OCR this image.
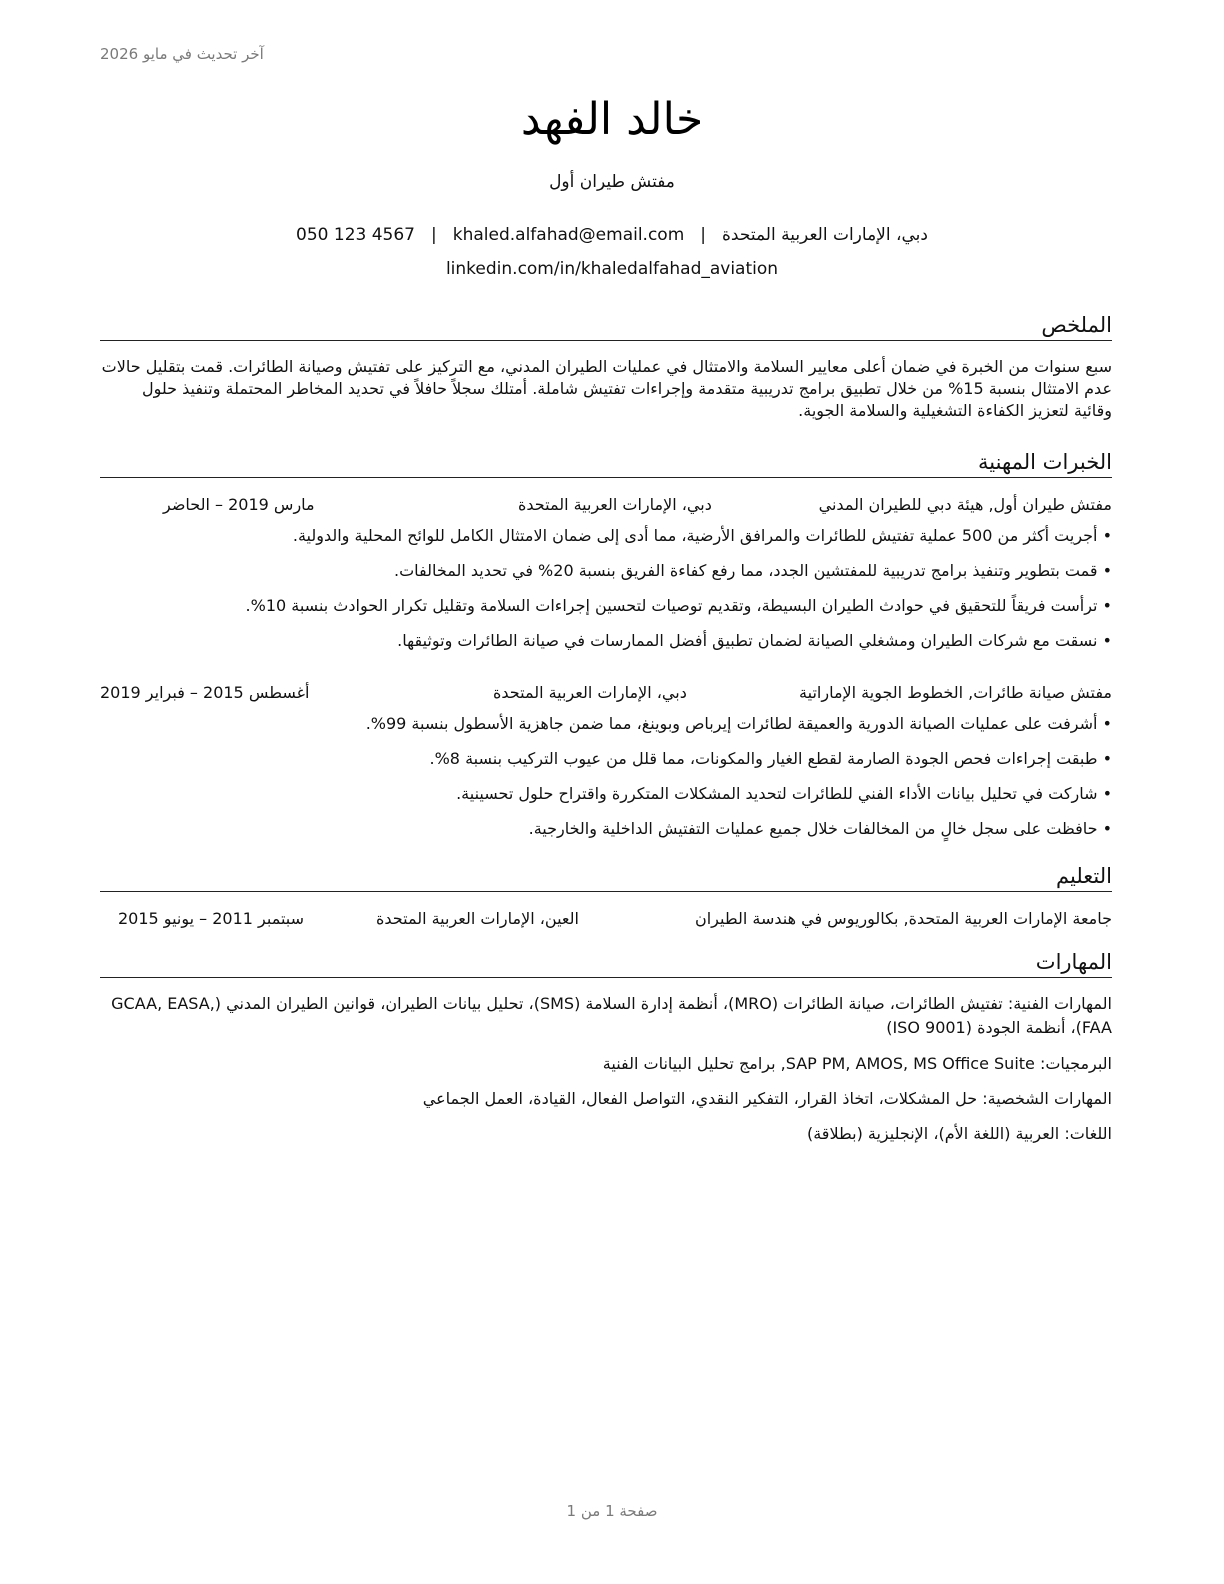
آخر تحديث في مايو 2026
خالد الفهد
مفتش طيران أول
دبي، الإمارات العربية المتحدة|khaled.alfahad@email.com|050 123 4567
linkedin.com/in/khaledalfahad_aviation
الملخص
سبع سنوات من الخبرة في ضمان أعلى معايير السلامة والامتثال في عمليات الطيران المدني، مع التركيز على تفتيش وصيانة الطائرات. قمت بتقليل حالات عدم الامتثال بنسبة 15% من خلال تطبيق برامج تدريبية متقدمة وإجراءات تفتيش شاملة. أمتلك سجلاً حافلاً في تحديد المخاطر المحتملة وتنفيذ حلول وقائية لتعزيز الكفاءة التشغيلية والسلامة الجوية.
الخبرات المهنية
مفتش طيران أول, هيئة دبي للطيران المدني
دبي، الإمارات العربية المتحدة
مارس 2019 – الحاضر
• أجريت أكثر من 500 عملية تفتيش للطائرات والمرافق الأرضية، مما أدى إلى ضمان الامتثال الكامل للوائح المحلية والدولية.
• قمت بتطوير وتنفيذ برامج تدريبية للمفتشين الجدد، مما رفع كفاءة الفريق بنسبة 20% في تحديد المخالفات.
• ترأست فريقاً للتحقيق في حوادث الطيران البسيطة، وتقديم توصيات لتحسين إجراءات السلامة وتقليل تكرار الحوادث بنسبة 10%.
• نسقت مع شركات الطيران ومشغلي الصيانة لضمان تطبيق أفضل الممارسات في صيانة الطائرات وتوثيقها.
مفتش صيانة طائرات, الخطوط الجوية الإماراتية
دبي، الإمارات العربية المتحدة
أغسطس 2015 – فبراير 2019
• أشرفت على عمليات الصيانة الدورية والعميقة لطائرات إيرباص وبوينغ، مما ضمن جاهزية الأسطول بنسبة 99%.
• طبقت إجراءات فحص الجودة الصارمة لقطع الغيار والمكونات، مما قلل من عيوب التركيب بنسبة 8%.
• شاركت في تحليل بيانات الأداء الفني للطائرات لتحديد المشكلات المتكررة واقتراح حلول تحسينية.
• حافظت على سجل خالٍ من المخالفات خلال جميع عمليات التفتيش الداخلية والخارجية.
التعليم
جامعة الإمارات العربية المتحدة, بكالوريوس في هندسة الطيران
العين، الإمارات العربية المتحدة
سبتمبر 2011 – يونيو 2015
المهارات
المهارات الفنية: تفتيش الطائرات، صيانة الطائرات (MRO)، أنظمة إدارة السلامة (SMS)، تحليل بيانات الطيران، قوانين الطيران المدني (GCAA, EASA, FAA)، أنظمة الجودة (ISO 9001)
البرمجيات: SAP PM, AMOS, MS Office Suite, برامج تحليل البيانات الفنية
المهارات الشخصية: حل المشكلات، اتخاذ القرار، التفكير النقدي، التواصل الفعال، القيادة، العمل الجماعي
اللغات: العربية (اللغة الأم)، الإنجليزية (بطلاقة)
صفحة 1 من 1
